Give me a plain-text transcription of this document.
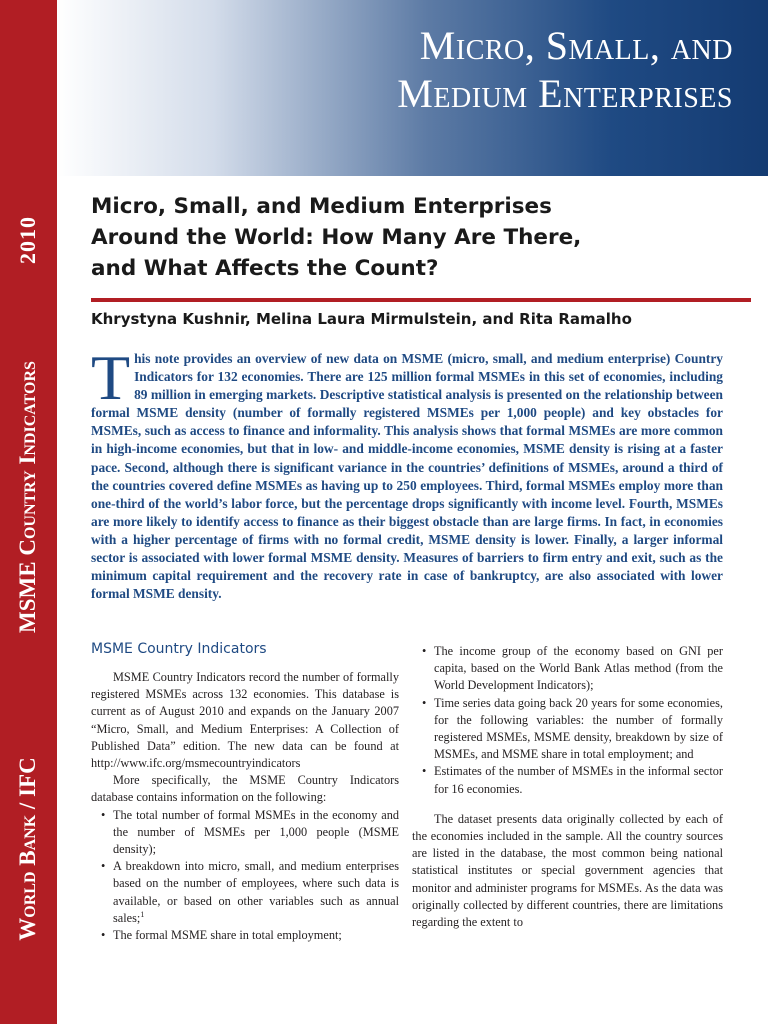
2010
MSME Country Indicators
World Bank / IFC
Micro, Small, and
Medium Enterprises
Micro, Small, and Medium Enterprises
Around the World: How Many Are There,
and What Affects the Count?
Khrystyna Kushnir, Melina Laura Mirmulstein, and Rita Ramalho
This note provides an overview of new data on MSME (micro, small, and medium enterprise) Country Indicators for 132 economies. There are 125 million formal MSMEs in this set of economies, including 89 million in emerging markets. Descriptive statistical analysis is presented on the relationship between formal MSME density (number of formally registered MSMEs per 1,000 people) and key obstacles for MSMEs, such as access to finance and informality. This analysis shows that formal MSMEs are more common in high-income economies, but that in low- and middle-income economies, MSME density is rising at a faster pace. Second, although there is significant variance in the countries’ definitions of MSMEs, around a third of the countries covered define MSMEs as having up to 250 employees. Third, formal MSMEs employ more than one-third of the world’s labor force, but the percentage drops significantly with income level. Fourth, MSMEs are more likely to identify access to finance as their biggest obstacle than are large firms. In fact, in economies with a higher percentage of firms with no formal credit, MSME density is lower. Finally, a larger informal sector is associated with lower formal MSME density. Measures of barriers to firm entry and exit, such as the minimum capital requirement and the recovery rate in case of bankruptcy, are also associated with lower formal MSME density.
MSME Country Indicators

MSME Country Indicators record the number of formally registered MSMEs across 132 economies. This database is current as of August 2010 and expands on the January 2007 “Micro, Small, and Medium Enterprises: A Collection of Published Data” edition. The new data can be found at http://www.ifc.org/msmecountryindicators

More specifically, the MSME Country Indicators database contains information on the following:

• The total number of formal MSMEs in the economy and the number of MSMEs per 1,000 people (MSME density);
• A breakdown into micro, small, and medium enterprises based on the number of employees, where such data is available, or based on other variables such as annual sales;$^1$
• The formal MSME share in total employment;
• The income group of the economy based on GNI per capita, based on the World Bank Atlas method (from the World Development Indicators);
• Time series data going back 20 years for some economies, for the following variables: the number of formally registered MSMEs, MSME density, breakdown by size of MSMEs, and MSME share in total employment; and
• Estimates of the number of MSMEs in the informal sector for 16 economies.

The dataset presents data originally collected by each of the economies included in the sample. All the country sources are listed in the database, the most common being national statistical institutes or special government agencies that monitor and administer programs for MSMEs. As the data was originally collected by different countries, there are limitations regarding the extent to
